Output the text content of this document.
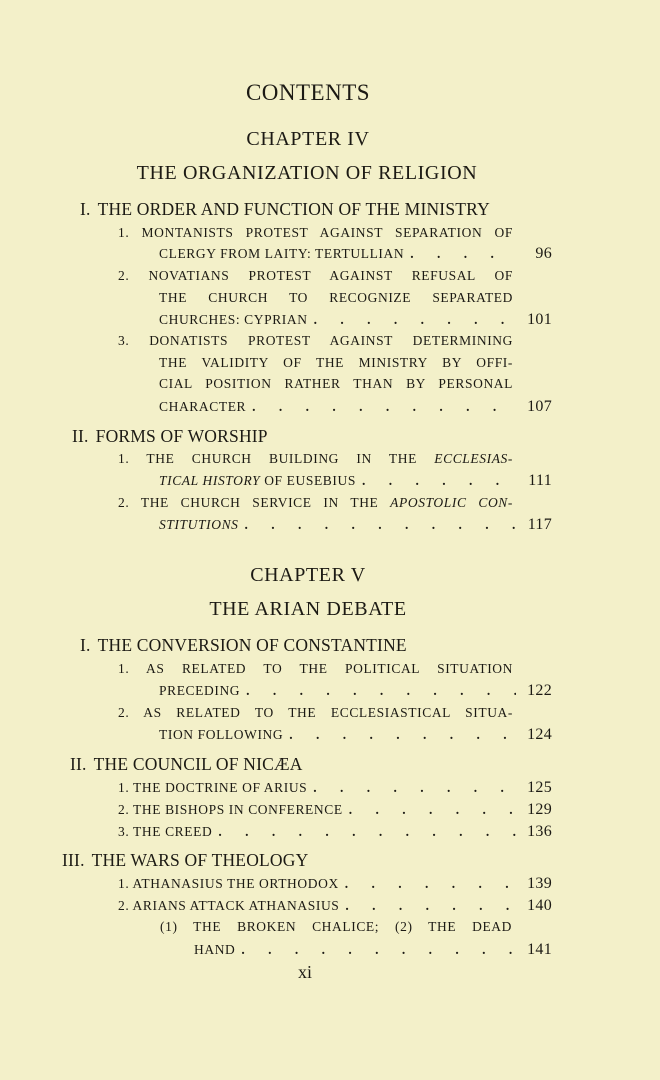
CONTENTS
CHAPTER IV
THE ORGANIZATION OF RELIGION
I. THE ORDER AND FUNCTION OF THE MINISTRY
1. MONTANISTS PROTEST AGAINST SEPARATION OF
CLERGY FROM LAITY: TERTULLIAN . . .	96
2. NOVATIANS PROTEST AGAINST REFUSAL OF
THE CHURCH TO RECOGNIZE SEPARATED
CHURCHES: CYPRIAN . . .	101
3. DONATISTS PROTEST AGAINST DETERMINING
THE VALIDITY OF THE MINISTRY BY OFFI-
CIAL POSITION RATHER THAN BY PERSONAL
CHARACTER . . .	107
II. FORMS OF WORSHIP
1. THE CHURCH BUILDING IN THE ECCLESIAS-
TICAL HISTORY OF EUSEBIUS . . .	111
2. THE CHURCH SERVICE IN THE APOSTOLIC CON-
STITUTIONS . . .	117
CHAPTER V
THE ARIAN DEBATE
I. THE CONVERSION OF CONSTANTINE
1. AS RELATED TO THE POLITICAL SITUATION
PRECEDING . . .	122
2. AS RELATED TO THE ECCLESIASTICAL SITUA-
TION FOLLOWING . . .	124
II. THE COUNCIL OF NICÆA
1. THE DOCTRINE OF ARIUS . . .	125
2. THE BISHOPS IN CONFERENCE . . .	129
3. THE CREED . . .	136
III. THE WARS OF THEOLOGY
1. ATHANASIUS THE ORTHODOX . . .	139
2. ARIANS ATTACK ATHANASIUS . . .	140
(1) THE BROKEN CHALICE; (2) THE DEAD
HAND . . .	141
xi
